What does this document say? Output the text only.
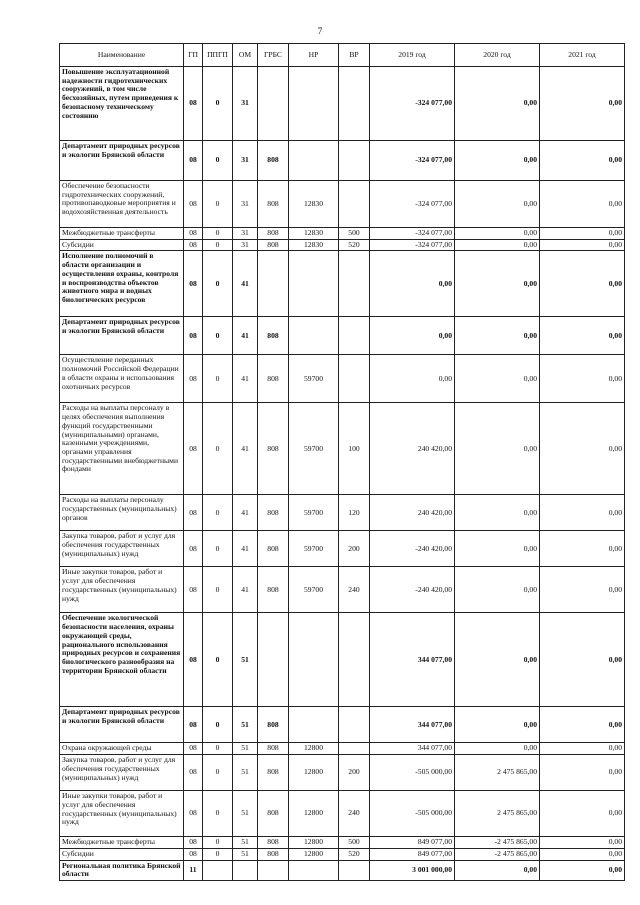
7
Наименование	ГП	ППГП	ОМ	ГРБС	НР	ВР	2019 год	2020 год	2021 год
Повышение эксплуатационной надежности гидротехнических сооружений, в том числе бесхозяйных, путем приведения к безопасному техническому состоянию	08	0	31				-324 077,00	0,00	0,00
Департамент природных ресурсов и экологии Брянской области	08	0	31	808			-324 077,00	0,00	0,00
Обеспечение безопасности гидротехнических сооружений, противопаводковые мероприятия и водохозяйственная деятельность	08	0	31	808	12830		-324 077,00	0,00	0,00
Межбюджетные трансферты	08	0	31	808	12830	500	-324 077,00	0,00	0,00
Субсидии	08	0	31	808	12830	520	-324 077,00	0,00	0,00
Исполнение полномочий в области организации и осуществления охраны, контроля и воспроизводства объектов животного мира и водных биологических ресурсов	08	0	41				0,00	0,00	0,00
Департамент природных ресурсов и экологии Брянской области	08	0	41	808			0,00	0,00	0,00
Осуществление переданных полномочий Российской Федерации в области охраны и использования охотничьих ресурсов	08	0	41	808	59700		0,00	0,00	0,00
Расходы на выплаты персоналу в целях обеспечения выполнения функций государственными (муниципальными) органами, казенными учреждениями, органами управления государственными внебюджетными фондами	08	0	41	808	59700	100	240 420,00	0,00	0,00
Расходы на выплаты персоналу государственных (муниципальных) органов	08	0	41	808	59700	120	240 420,00	0,00	0,00
Закупка товаров, работ и услуг для обеспечения государственных (муниципальных) нужд	08	0	41	808	59700	200	-240 420,00	0,00	0,00
Иные закупки товаров, работ и услуг для обеспечения государственных (муниципальных) нужд	08	0	41	808	59700	240	-240 420,00	0,00	0,00
Обеспечение экологической безопасности населения, охраны окружающей среды, рационального использования природных ресурсов и сохранения биологического разнообразия на территории Брянской области	08	0	51				344 077,00	0,00	0,00
Департамент природных ресурсов и экологии Брянской области	08	0	51	808			344 077,00	0,00	0,00
Охрана окружающей среды	08	0	51	808	12800		344 077,00	0,00	0,00
Закупка товаров, работ и услуг для обеспечения государственных (муниципальных) нужд	08	0	51	808	12800	200	-505 000,00	2 475 865,00	0,00
Иные закупки товаров, работ и услуг для обеспечения государственных (муниципальных) нужд	08	0	51	808	12800	240	-505 000,00	2 475 865,00	0,00
Межбюджетные трансферты	08	0	51	808	12800	500	849 077,00	-2 475 865,00	0,00
Субсидии	08	0	51	808	12800	520	849 077,00	-2 475 865,00	0,00
Региональная политика Брянской области	11						3 001 000,00	0,00	0,00
